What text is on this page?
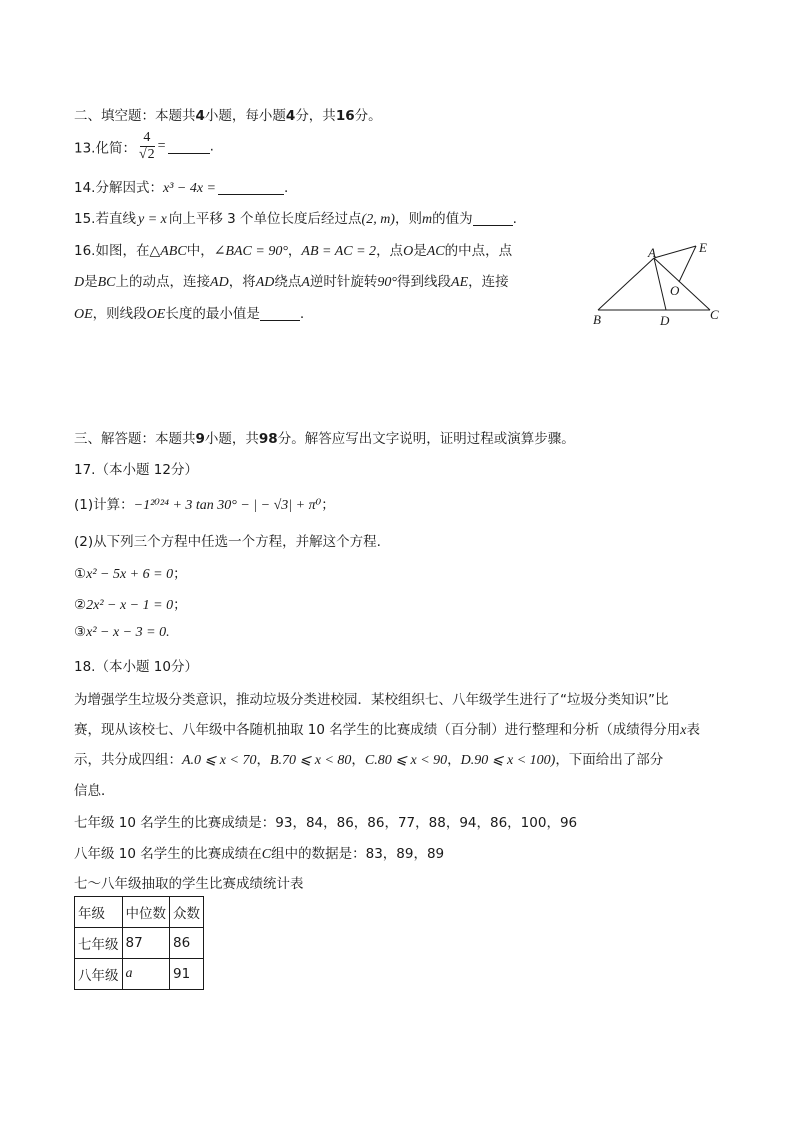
二、填空题：本题共4小题，每小题4分，共16分。
13.化简： $\frac{4}{√2}$ =	.
14.分解因式：x³ − 4x =	.
15.若直线 y = x 向上平移 3 个单位长度后经过点(2, m)，则m的值为	.
16.如图，在△ABC中，∠BAC = 90°，AB = AC = 2，点O是AC的中点，点
D是BC上的动点，连接AD，将AD绕点A逆时针旋转90°得到线段AE，连接
OE，则线段OE长度的最小值是	.
A	E
O
B	D	C
三、解答题：本题共9小题，共98分。解答应写出文字说明，证明过程或演算步骤。
17.（本小题 12分）
(1)计算：−1²⁰²⁴ + 3 tan 30° − | − √3| + π⁰；
(2)从下列三个方程中任选一个方程，并解这个方程.
①x² − 5x + 6 = 0；
②2x² − x − 1 = 0；
③x² − x − 3 = 0.
18.（本小题 10分）
为增强学生垃圾分类意识，推动垃圾分类进校园．某校组织七、八年级学生进行了“垃圾分类知识”比
赛，现从该校七、八年级中各随机抽取 10 名学生的比赛成绩（百分制）进行整理和分析（成绩得分用x表
示，共分成四组：A.0 ⩽ x < 70，B.70 ⩽ x < 80，C.80 ⩽ x < 90，D.90 ⩽ x < 100)，下面给出了部分
信息．
七年级 10 名学生的比赛成绩是：93，84，86，86，77，88，94，86，100，96
八年级 10 名学生的比赛成绩在C组中的数据是：83，89，89
七～八年级抽取的学生比赛成绩统计表
年级	中位数	众数
七年级	87	86
八年级	a	91
